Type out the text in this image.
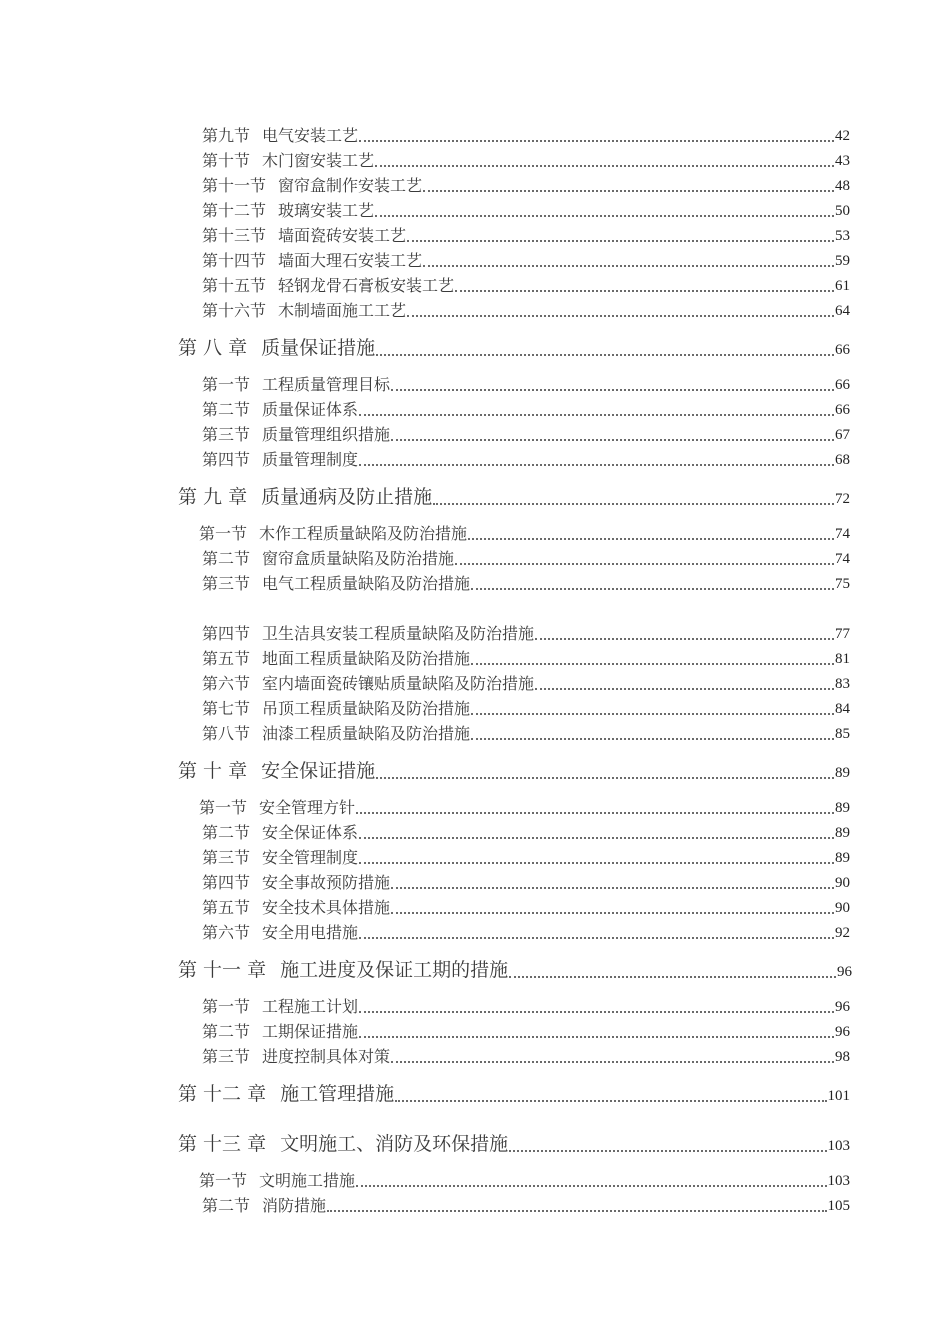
第九节 电气安装工艺	42
第十节 木门窗安装工艺	43
第十一节 窗帘盒制作安装工艺	48
第十二节 玻璃安装工艺	50
第十三节 墙面瓷砖安装工艺	53
第十四节 墙面大理石安装工艺	59
第十五节 轻钢龙骨石膏板安装工艺	61
第十六节 木制墙面施工工艺	64
第 八 章 质量保证措施	66
第一节 工程质量管理目标	66
第二节 质量保证体系	66
第三节 质量管理组织措施	67
第四节 质量管理制度	68
第 九 章 质量通病及防止措施	72
第一节 木作工程质量缺陷及防治措施	74
第二节 窗帘盒质量缺陷及防治措施	74
第三节 电气工程质量缺陷及防治措施	75
第四节 卫生洁具安装工程质量缺陷及防治措施	77
第五节 地面工程质量缺陷及防治措施	81
第六节 室内墙面瓷砖镶贴质量缺陷及防治措施	83
第七节 吊顶工程质量缺陷及防治措施	84
第八节 油漆工程质量缺陷及防治措施	85
第 十 章 安全保证措施	89
第一节 安全管理方针	89
第二节 安全保证体系	89
第三节 安全管理制度	89
第四节 安全事故预防措施	90
第五节 安全技术具体措施	90
第六节 安全用电措施	92
第 十一 章 施工进度及保证工期的措施	96
第一节 工程施工计划	96
第二节 工期保证措施	96
第三节 进度控制具体对策	98
第 十二 章 施工管理措施	101
第 十三 章 文明施工、消防及环保措施	103
第一节 文明施工措施	103
第二节 消防措施	105
